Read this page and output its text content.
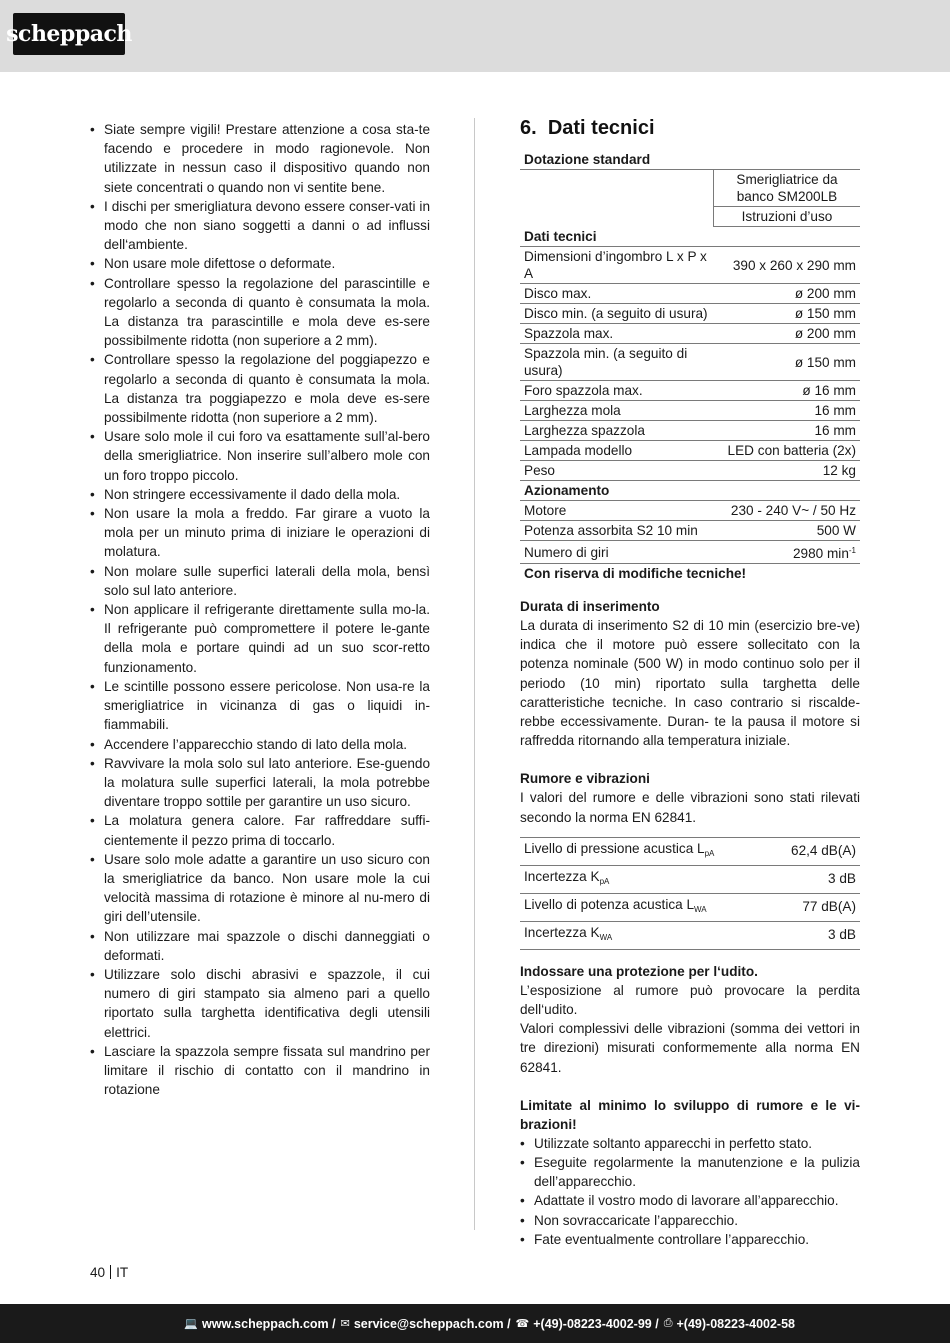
scheppach
• Siate sempre vigili! Prestare attenzione a cosa sta-te facendo e procedere in modo ragionevole. Non utilizzate in nessun caso il dispositivo quando non siete concentrati o quando non vi sentite bene.
• I dischi per smerigliatura devono essere conser-vati in modo che non siano soggetti a danni o ad influssi dell‘ambiente.
• Non usare mole difettose o deformate.
• Controllare spesso la regolazione del parascintille e regolarlo a seconda di quanto è consumata la mola. La distanza tra parascintille e mola deve es-sere possibilmente ridotta (non superiore a 2 mm).
• Controllare spesso la regolazione del poggiapezzo e regolarlo a seconda di quanto è consumata la mola. La distanza tra poggiapezzo e mola deve es-sere possibilmente ridotta (non superiore a 2 mm).
• Usare solo mole il cui foro va esattamente sull’al-bero della smerigliatrice. Non inserire sull’albero mole con un foro troppo piccolo.
• Non stringere eccessivamente il dado della mola.
• Non usare la mola a freddo. Far girare a vuoto la mola per un minuto prima di iniziare le operazioni di molatura.
• Non molare sulle superfici laterali della mola, bensì solo sul lato anteriore.
• Non applicare il refrigerante direttamente sulla mo-la. Il refrigerante può compromettere il potere le-gante della mola e portare quindi ad un suo scor-retto funzionamento.
• Le scintille possono essere pericolose. Non usa-re la smerigliatrice in vicinanza di gas o liquidi in-fiammabili.
• Accendere l’apparecchio stando di lato della mola.
• Ravvivare la mola solo sul lato anteriore. Ese-guendo la molatura sulle superfici laterali, la mola potrebbe diventare troppo sottile per garantire un uso sicuro.
• La molatura genera calore. Far raffreddare suffi-cientemente il pezzo prima di toccarlo.
• Usare solo mole adatte a garantire un uso sicuro con la smerigliatrice da banco. Non usare mole la cui velocità massima di rotazione è minore al nu-mero di giri dell’utensile.
• Non utilizzare mai spazzole o dischi danneggiati o deformati.
• Utilizzare solo dischi abrasivi e spazzole, il cui numero di giri stampato sia almeno pari a quello riportato sulla targhetta identificativa degli utensili elettrici.
• Lasciare la spazzola sempre fissata sul mandrino per limitare il rischio di contatto con il mandrino in rotazione
6. Dati tecnici
Dotazione standard	
	Smerigliatrice da banco SM200LB
	Istruzioni d’uso
Dati tecnici	
Dimensioni d’ingombro L x P x A	390 x 260 x 290 mm
Disco max.	ø 200 mm
Disco min. (a seguito di usura)	ø 150 mm
Spazzola max.	ø 200 mm
Spazzola min. (a seguito di usura)	ø 150 mm
Foro spazzola max.	ø 16 mm
Larghezza mola	16 mm
Larghezza spazzola	16 mm
Lampada modello	LED con batteria (2x)
Peso	12 kg
Azionamento	
Motore	230 - 240 V~ / 50 Hz
Potenza assorbita S2 10 min	500 W
Numero di giri	2980 $\min^{-1}$
Con riserva di modifiche tecniche!	

Durata di inserimento

La durata di inserimento S2 di 10 min (esercizio bre-ve) indica che il motore può essere sollecitato con la potenza nominale (500 W) in modo continuo solo per il periodo (10 min) riportato sulla targhetta delle caratteristiche tecniche. In caso contrario si riscalde-rebbe eccessivamente. Duran- te la pausa il motore si raffredda ritornando alla temperatura iniziale.

Rumore e vibrazioni

I valori del rumore e delle vibrazioni sono stati rilevati secondo la norma EN 62841.

Livello di pressione acustica $L_{pA}$	62,4 dB(A)
Incertezza $K_{pA}$	3 dB
Livello di potenza acustica $L_{WA}$	77 dB(A)
Incertezza $K_{WA}$	3 dB

Indossare una protezione per l‘udito.

L’esposizione al rumore può provocare la perdita dell‘udito.

Valori complessivi delle vibrazioni (somma dei vettori in tre direzioni) misurati conformemente alla norma EN 62841.

Limitate al minimo lo sviluppo di rumore e le vi-brazioni!

• Utilizzate soltanto apparecchi in perfetto stato.
• Eseguite regolarmente la manutenzione e la pulizia dell’apparecchio.
• Adattate il vostro modo di lavorare all’apparecchio.
• Non sovraccaricate l’apparecchio.
• Fate eventualmente controllare l’apparecchio.
40 IT
💻 www.scheppach.com / ✉ service@scheppach.com / ☎ +(49)-08223-4002-99 / ⎙ +(49)-08223-4002-58
